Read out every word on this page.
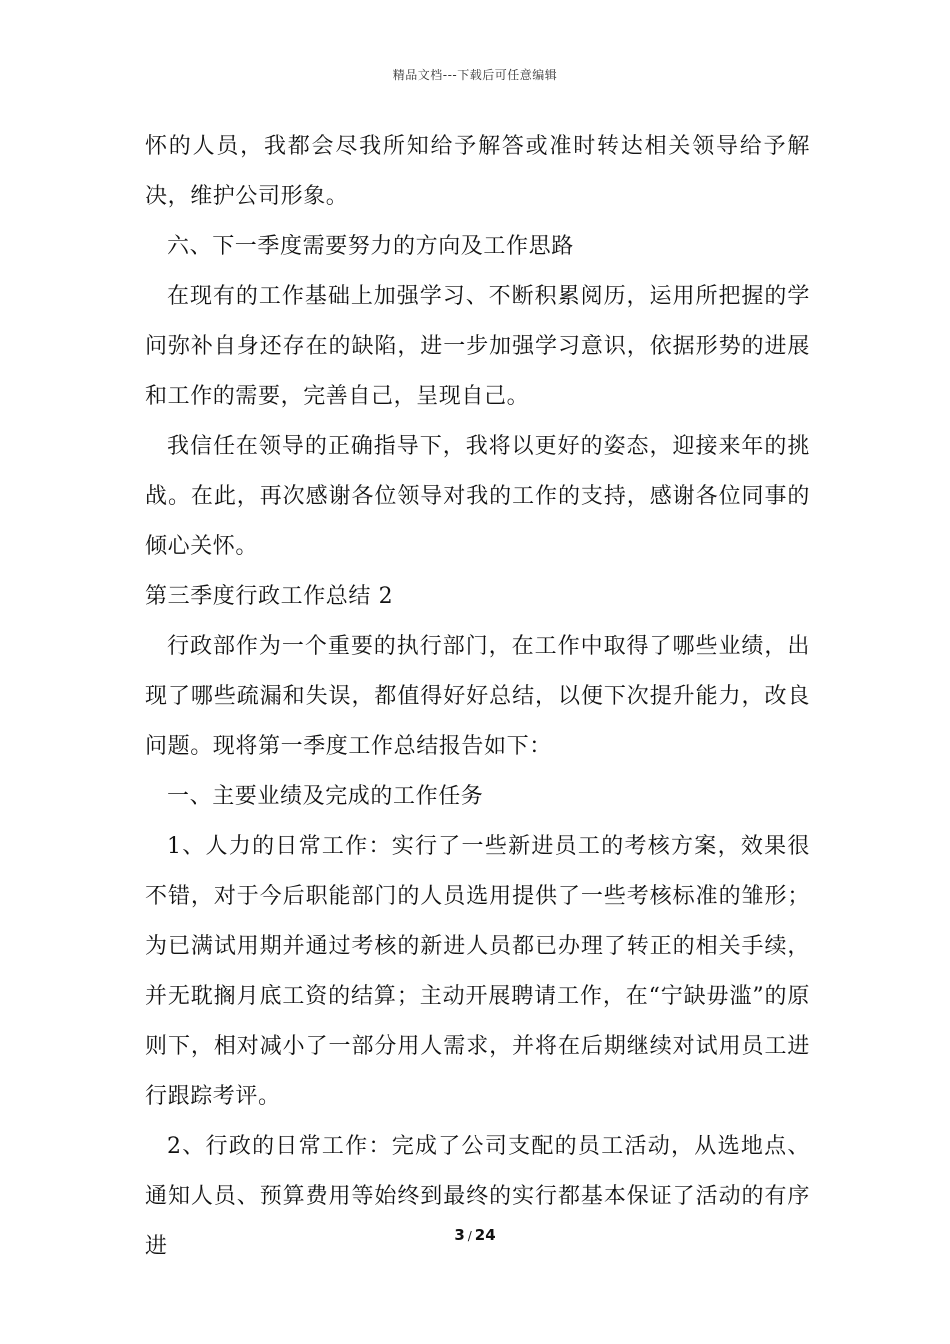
精品文档---下载后可任意编辑

怀的人员，我都会尽我所知给予解答或准时转达相关领导给予解决，维护公司形象。

六、下一季度需要努力的方向及工作思路

在现有的工作基础上加强学习、不断积累阅历，运用所把握的学问弥补自身还存在的缺陷，进一步加强学习意识，依据形势的进展和工作的需要，完善自己，呈现自己。

我信任在领导的正确指导下，我将以更好的姿态，迎接来年的挑战。在此，再次感谢各位领导对我的工作的支持，感谢各位同事的倾心关怀。

第三季度行政工作总结 2

行政部作为一个重要的执行部门，在工作中取得了哪些业绩，出现了哪些疏漏和失误，都值得好好总结，以便下次提升能力，改良问题。现将第一季度工作总结报告如下：

一、主要业绩及完成的工作任务

1、人力的日常工作：实行了一些新进员工的考核方案，效果很不错，对于今后职能部门的人员选用提供了一些考核标准的雏形；为已满试用期并通过考核的新进人员都已办理了转正的相关手续，并无耽搁月底工资的结算；主动开展聘请工作，在“宁缺毋滥”的原则下，相对减小了一部分用人需求，并将在后期继续对试用员工进行跟踪考评。

2、行政的日常工作：完成了公司支配的员工活动，从选地点、通知人员、预算费用等始终到最终的实行都基本保证了活动的有序进	3 / 24
